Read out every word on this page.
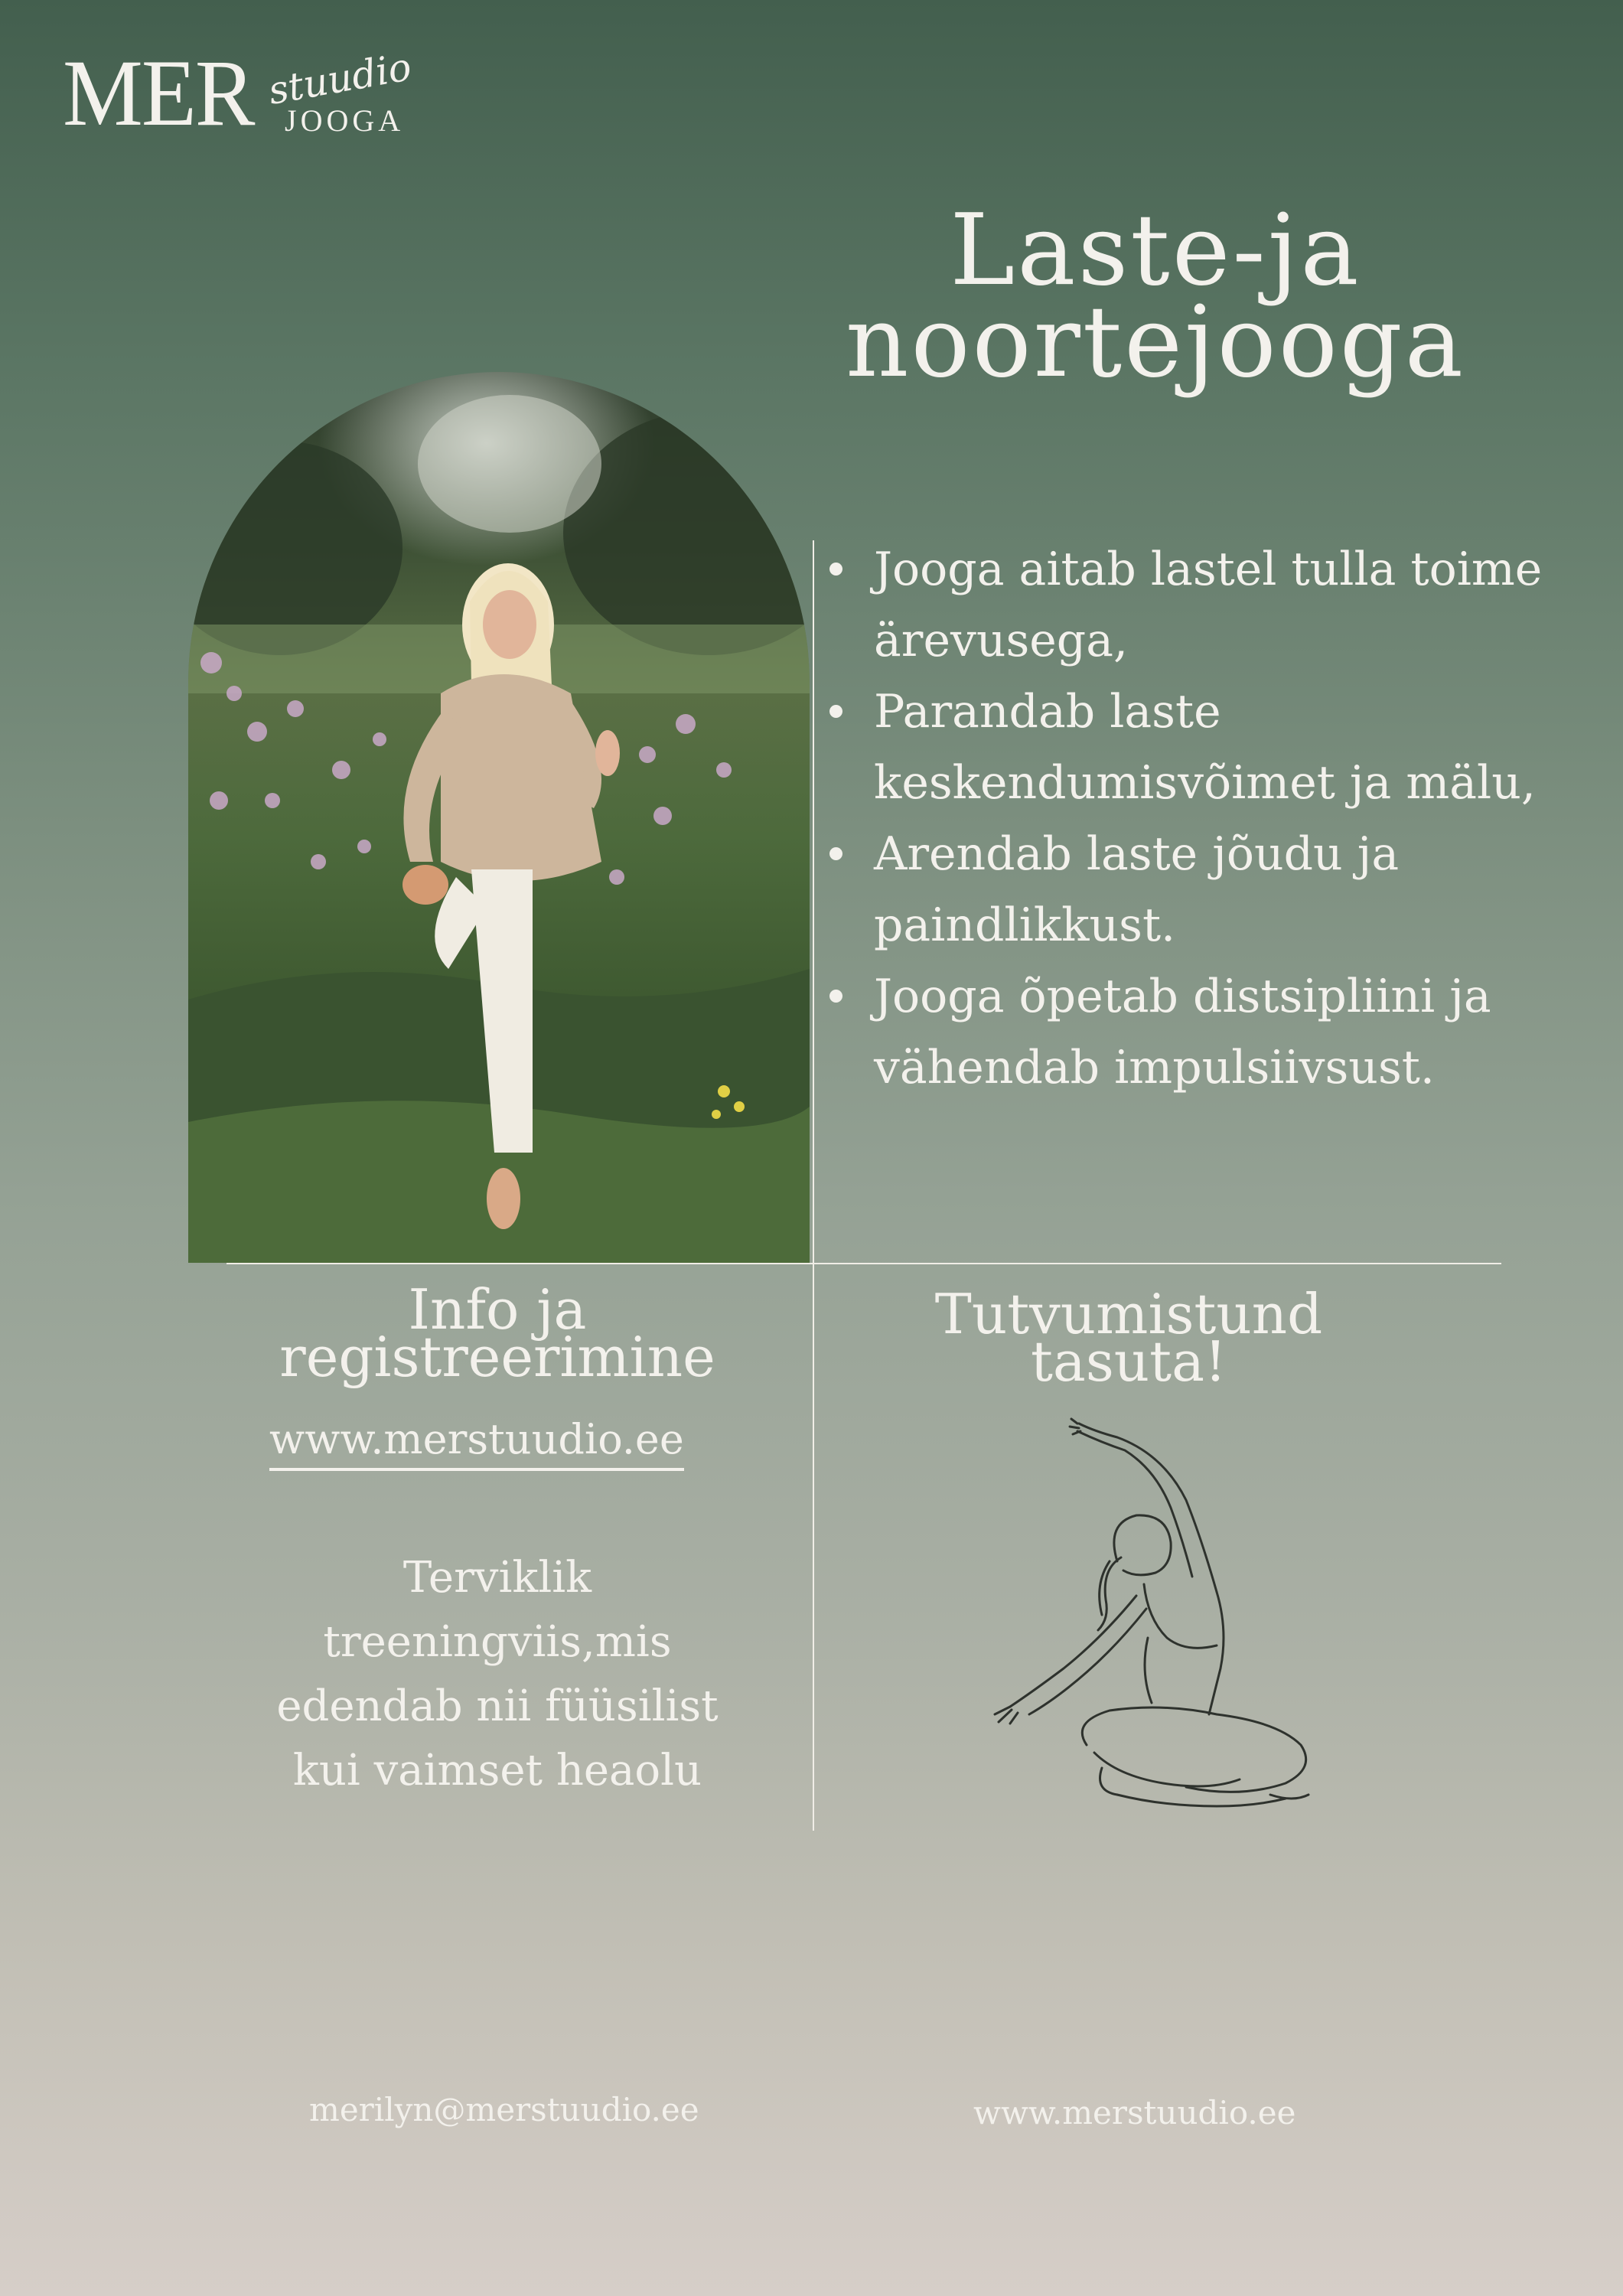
MER stuudio
JOOGA
Laste-ja
noortejooga
Jooga aitab lastel tulla toime ärevusega,
Parandab laste keskendumisvõimet ja mälu,
Arendab laste jõudu ja paindlikkust.
Jooga õpetab distsipliini ja vähendab impulsiivsust.
Info ja
registreerimine
www.merstuudio.ee
Terviklik
treeningviis,mis
edendab nii füüsilist
kui vaimset heaolu
Tutvumistund
tasuta!
merilyn@merstuudio.ee	www.merstuudio.ee
